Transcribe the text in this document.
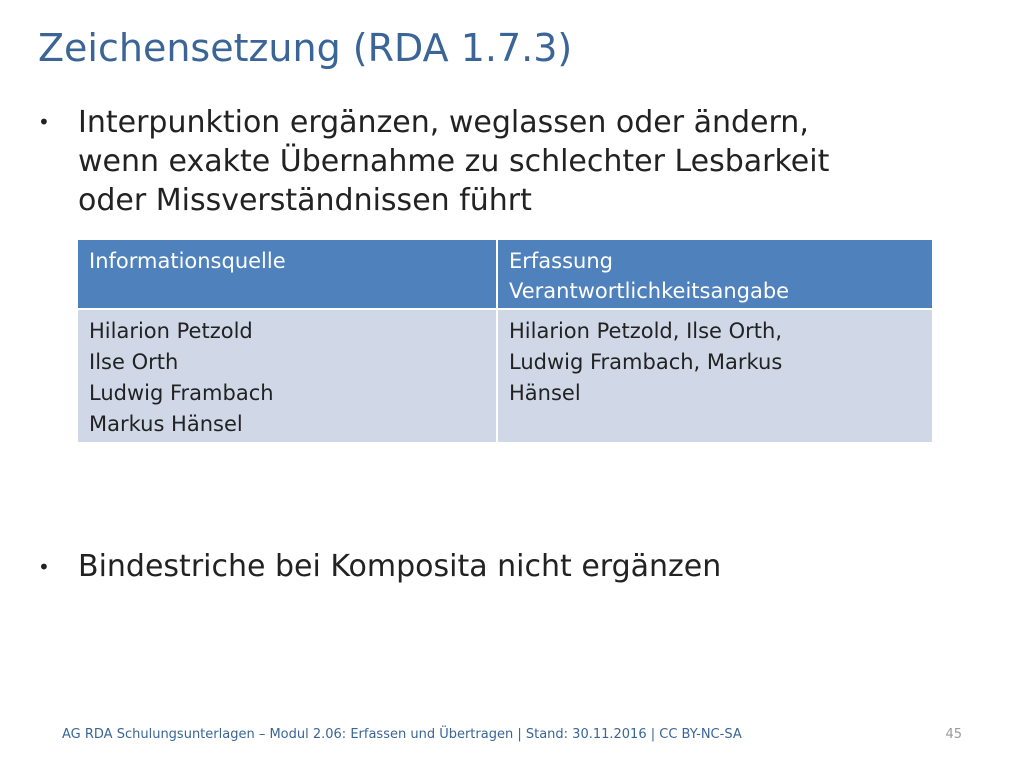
Zeichensetzung (RDA 1.7.3)
• Interpunktion ergänzen, weglassen oder ändern,
wenn exakte Übernahme zu schlechter Lesbarkeit
oder Missverständnissen führt
Informationsquelle	Erfassung
Verantwortlichkeitsangabe

Hilarion Petzold
Ilse Orth
Ludwig Frambach
Markus Hänsel	Hilarion Petzold, Ilse Orth,
Ludwig Frambach, Markus
Hänsel
• Bindestriche bei Komposita nicht ergänzen
AG RDA Schulungsunterlagen – Modul 2.06: Erfassen und Übertragen | Stand: 30.11.2016 | CC BY-NC-SA	45
